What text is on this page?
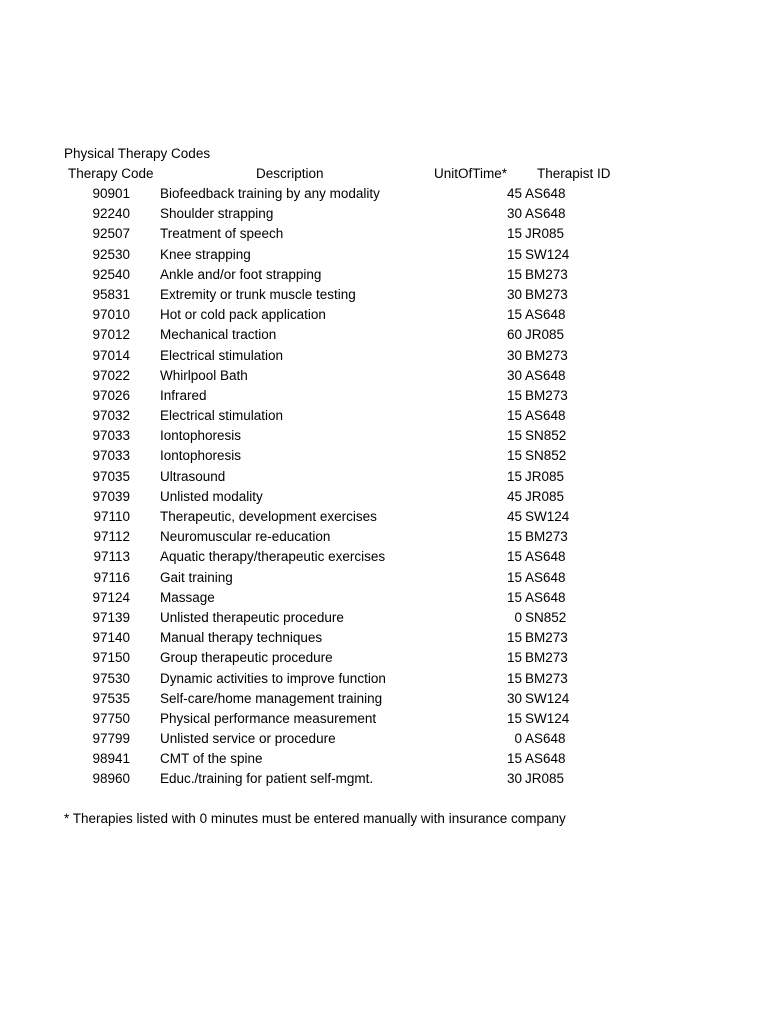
Physical Therapy Codes
Therapy Code	Description	UnitOfTime* Therapist ID
90901 Biofeedback training by any modality	45 AS648
92240 Shoulder strapping	30 AS648
92507 Treatment of speech	15 JR085
92530 Knee strapping	15 SW124
92540 Ankle and/or foot strapping	15 BM273
95831 Extremity or trunk muscle testing	30 BM273
97010 Hot or cold pack application	15 AS648
97012 Mechanical traction	60 JR085
97014 Electrical stimulation	30 BM273
97022 Whirlpool Bath	30 AS648
97026 Infrared	15 BM273
97032 Electrical stimulation	15 AS648
97033 Iontophoresis	15 SN852
97033 Iontophoresis	15 SN852
97035 Ultrasound	15 JR085
97039 Unlisted modality	45 JR085
97110 Therapeutic, development exercises	45 SW124
97112 Neuromuscular re-education	15 BM273
97113 Aquatic therapy/therapeutic exercises	15 AS648
97116 Gait training	15 AS648
97124 Massage	15 AS648
97139 Unlisted therapeutic procedure	0 SN852
97140 Manual therapy techniques	15 BM273
97150 Group therapeutic procedure	15 BM273
97530 Dynamic activities to improve function	15 BM273
97535 Self-care/home management training	30 SW124
97750 Physical performance measurement	15 SW124
97799 Unlisted service or procedure	0 AS648
98941 CMT of the spine	15 AS648
98960 Educ./training for patient self-mgmt.	30 JR085
* Therapies listed with 0 minutes must be entered manually with insurance company
